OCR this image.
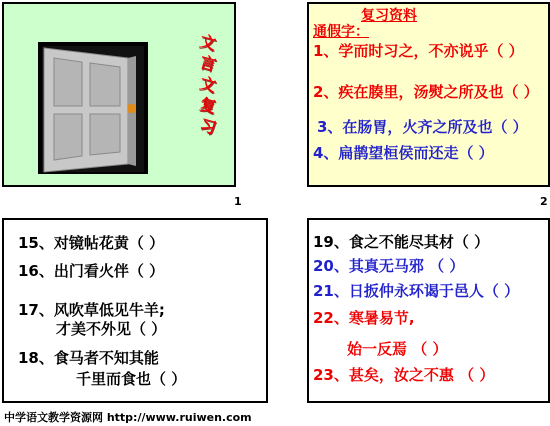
文
言
文
复
习
1
复习资料
通假字：
1、学而时习之，不亦说乎（ ）
2、疾在腠里，汤熨之所及也（ ）
3、在肠胃，火齐之所及也（ ）
4、扁鹊望桓侯而还走（ ）
2
15、对镜帖花黄（ ）
16、出门看火伴（ ）
17、风吹草低见牛羊;
才美不外见（ ）
18、食马者不知其能
千里而食也（ ）
19、食之不能尽其材（ ）
20、其真无马邪 （ ）
21、日扳仲永环谒于邑人（ ）
22、寒暑易节,
始一反焉 （ ）
23、甚矣，汝之不惠 （ ）
中学语文教学资源网 http://www.ruiwen.com
